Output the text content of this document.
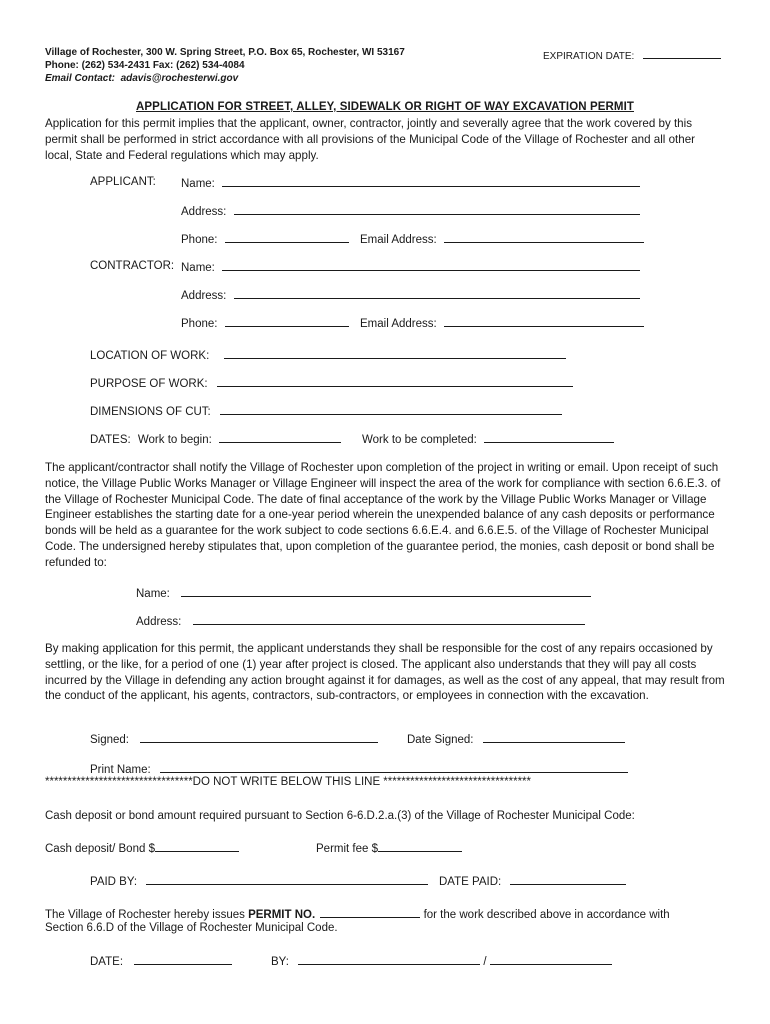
Village of Rochester, 300 W. Spring Street, P.O. Box 65, Rochester, WI 53167
Phone: (262) 534-2431 Fax: (262) 534-4084
Email Contact: adavis@rochesterwi.gov
EXPIRATION DATE:
APPLICATION FOR STREET, ALLEY, SIDEWALK OR RIGHT OF WAY EXCAVATION PERMIT
Application for this permit implies that the applicant, owner, contractor, jointly and severally agree that the work covered by this permit shall be performed in strict accordance with all provisions of the Municipal Code of the Village of Rochester and all other local, State and Federal regulations which may apply.
APPLICANT: Name:
Address:
Phone:	Email Address:
CONTRACTOR: Name:
Address:
Phone:	Email Address:
LOCATION OF WORK:
PURPOSE OF WORK:
DIMENSIONS OF CUT:
DATES: Work to begin:	Work to be completed:
The applicant/contractor shall notify the Village of Rochester upon completion of the project in writing or email. Upon receipt of such notice, the Village Public Works Manager or Village Engineer will inspect the area of the work for compliance with section 6.6.E.3. of the Village of Rochester Municipal Code. The date of final acceptance of the work by the Village Public Works Manager or Village Engineer establishes the starting date for a one-year period wherein the unexpended balance of any cash deposits or performance bonds will be held as a guarantee for the work subject to code sections 6.6.E.4. and 6.6.E.5. of the Village of Rochester Municipal Code. The undersigned hereby stipulates that, upon completion of the guarantee period, the monies, cash deposit or bond shall be refunded to:
Name:
Address:
By making application for this permit, the applicant understands they shall be responsible for the cost of any repairs occasioned by settling, or the like, for a period of one (1) year after project is closed. The applicant also understands that they will pay all costs incurred by the Village in defending any action brought against it for damages, as well as the cost of any appeal, that may result from the conduct of the applicant, his agents, contractors, sub-contractors, or employees in connection with the excavation.
Signed:	Date Signed:
Print Name:
*********************************DO NOT WRITE BELOW THIS LINE *********************************
Cash deposit or bond amount required pursuant to Section 6-6.D.2.a.(3) of the Village of Rochester Municipal Code:
Cash deposit/ Bond $	Permit fee $
PAID BY:	DATE PAID:
The Village of Rochester hereby issues PERMIT NO.	for the work described above in accordance with
Section 6.6.D of the Village of Rochester Municipal Code.
DATE:	BY:	/
